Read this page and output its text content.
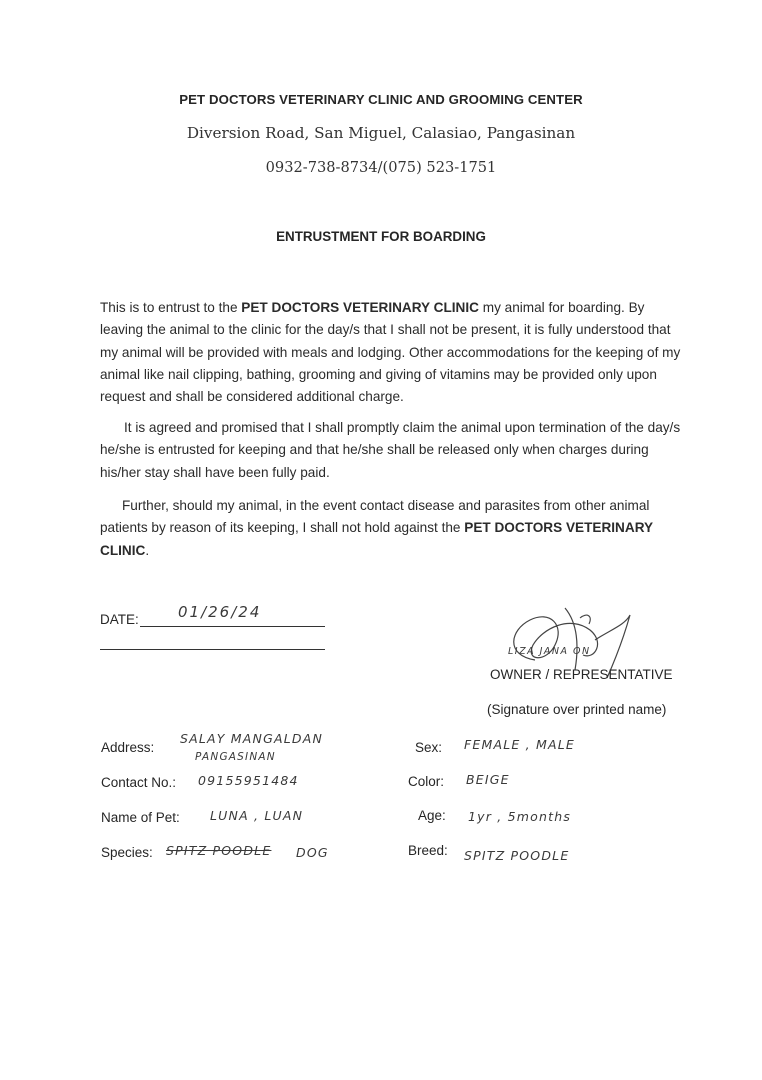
PET DOCTORS VETERINARY CLINIC AND GROOMING CENTER
Diversion Road, San Miguel, Calasiao, Pangasinan
0932-738-8734/(075) 523-1751
ENTRUSTMENT FOR BOARDING
This is to entrust to the PET DOCTORS VETERINARY CLINIC my animal for boarding. By leaving the animal to the clinic for the day/s that I shall not be present, it is fully understood that my animal will be provided with meals and lodging. Other accommodations for the keeping of my animal like nail clipping, bathing, grooming and giving of vitamins may be provided only upon request and shall be considered additional charge.
It is agreed and promised that I shall promptly claim the animal upon termination of the day/s he/she is entrusted for keeping and that he/she shall be released only when charges during his/her stay shall have been fully paid.
Further, should my animal, in the event contact disease and parasites from other animal patients by reason of its keeping, I shall not hold against the PET DOCTORS VETERINARY CLINIC.
DATE:	01/26/24
LIZA JANA ON
OWNER / REPRESENTATIVE
(Signature over printed name)
Address:
SALAY MANGALDAN
PANGASINAN
Contact No.: 09155951484
Name of Pet: LUNA , LUAN
Species: SPITZ POODLE DOG
Sex: FEMALE , MALE
Color: BEIGE
Age: 1yr , 5months
Breed: SPITZ POODLE
